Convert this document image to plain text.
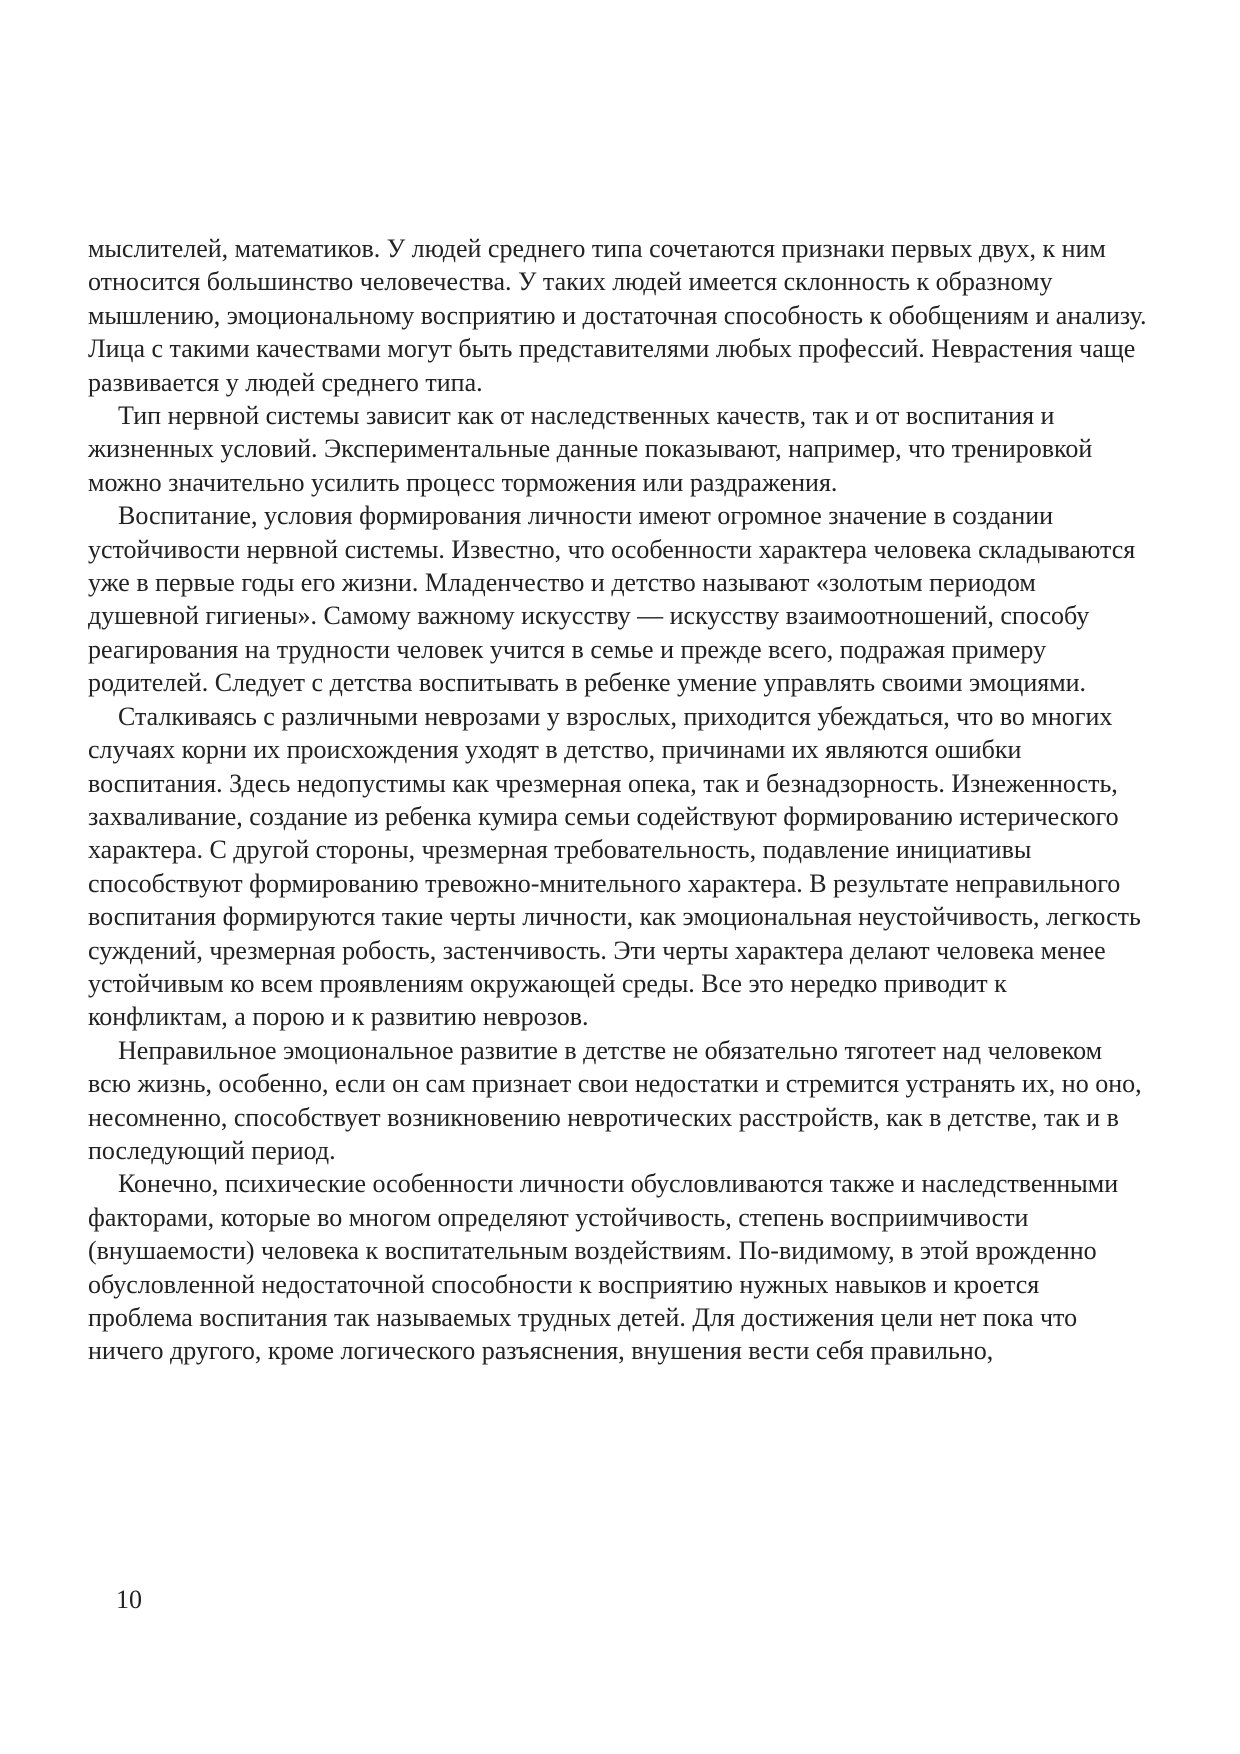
мыслителей, математиков. У людей среднего типа сочетаются признаки первых двух, к ним относится большинство человечества. У таких людей имеется склонность к образному мышлению, эмоциональному восприятию и достаточная способность к обобщениям и анализу. Лица с такими качествами могут быть представителями любых профессий. Неврастения чаще развивается у людей среднего типа.

Тип нервной системы зависит как от наследственных качеств, так и от воспитания и жизненных условий. Экспериментальные данные показывают, например, что тренировкой можно значительно усилить процесс торможения или раздражения.

Воспитание, условия формирования личности имеют огромное значение в создании устойчивости нервной системы. Известно, что особенности характера человека складываются уже в первые годы его жизни. Младенчество и детство называют «золотым периодом душевной гигиены». Самому важному искусству — искусству взаимоотношений, способу реагирования на трудности человек учится в семье и прежде всего, подражая примеру родителей. Следует с детства воспитывать в ребенке умение управлять своими эмоциями.

Сталкиваясь с различными неврозами у взрослых, приходится убеждаться, что во многих случаях корни их происхождения уходят в детство, причинами их являются ошибки воспитания. Здесь недопустимы как чрезмерная опека, так и безнадзорность. Изнеженность, захваливание, создание из ребенка кумира семьи содействуют формированию истерического характера. С другой стороны, чрезмерная требовательность, подавление инициативы способствуют формированию тревожно-мнительного характера. В результате неправильного воспитания формируются такие черты личности, как эмоциональная неустойчивость, легкость суждений, чрезмерная робость, застенчивость. Эти черты характера делают человека менее устойчивым ко всем проявлениям окружающей среды. Все это нередко приводит к конфликтам, а порою и к развитию неврозов.

Неправильное эмоциональное развитие в детстве не обязательно тяготеет над человеком всю жизнь, особенно, если он сам признает свои недостатки и стремится устранять их, но оно, несомненно, способствует возникновению невротических расстройств, как в детстве, так и в последующий период.

Конечно, психические особенности личности обусловливаются также и наследственными факторами, которые во многом определяют устойчивость, степень восприимчивости (внушаемости) человека к воспитательным воздействиям. По-видимому, в этой врожденно обусловленной недостаточной способности к восприятию нужных навыков и кроется проблема воспитания так называемых трудных детей. Для достижения цели нет пока что ничего другого, кроме логического разъяснения, внушения вести себя правильно,

10
